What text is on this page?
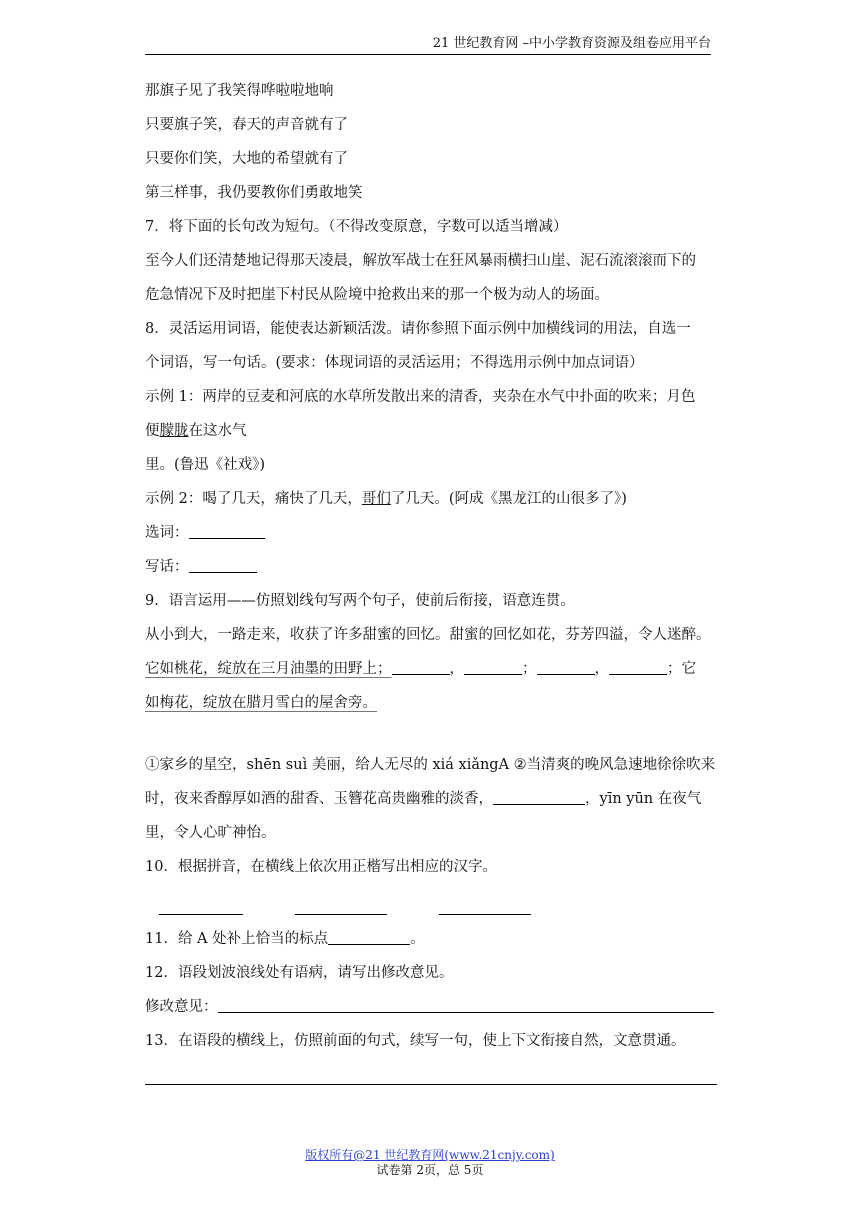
21 世纪教育网 –中小学教育资源及组卷应用平台
那旗子见了我笑得哗啦啦地响
只要旗子笑，春天的声音就有了
只要你们笑，大地的希望就有了
第三样事，我仍要教你们勇敢地笑
7．将下面的长句改为短句。（不得改变原意，字数可以适当增减）
至今人们还清楚地记得那天凌晨，解放军战士在狂风暴雨横扫山崖、泥石流滚滚而下的
危急情况下及时把崖下村民从险境中抢救出来的那一个极为动人的场面。
8．灵活运用词语，能使表达新颖活泼。请你参照下面示例中加横线词的用法，自选一
个词语，写一句话。(要求：体现词语的灵活运用；不得选用示例中加点词语）
示例 1：两岸的豆麦和河底的水草所发散出来的清香，夹杂在水气中扑面的吹来；月色
便朦胧在这水气
里。(鲁迅《社戏》)
示例 2：喝了几天，痛快了几天，哥们了几天。(阿成《黑龙江的山很多了》)
选词：
写话：
9．语言运用——仿照划线句写两个句子，使前后衔接，语意连贯。
从小到大，一路走来，收获了许多甜蜜的回忆。甜蜜的回忆如花，芬芳四溢，令人迷醉。
它如桃花，绽放在三月油墨的田野上；	，	；	，	；它
如梅花，绽放在腊月雪白的屋舍旁。
①家乡的星空，shēn suì 美丽，给人无尽的 xiá xiǎngA ②当清爽的晚风急速地徐徐吹来
时，夜来香醇厚如酒的甜香、玉簪花高贵幽雅的淡香，	，yīn yūn 在夜气
里，令人心旷神怡。
10．根据拼音，在横线上依次用正楷写出相应的汉字。
11．给 A 处补上恰当的标点	。
12．语段划波浪线处有语病，请写出修改意见。
修改意见：
13．在语段的横线上，仿照前面的句式，续写一句，使上下文衔接自然，文意贯通。
版权所有@21 世纪教育网(www.21cnjy.com)
试卷第 2页，总 5页
